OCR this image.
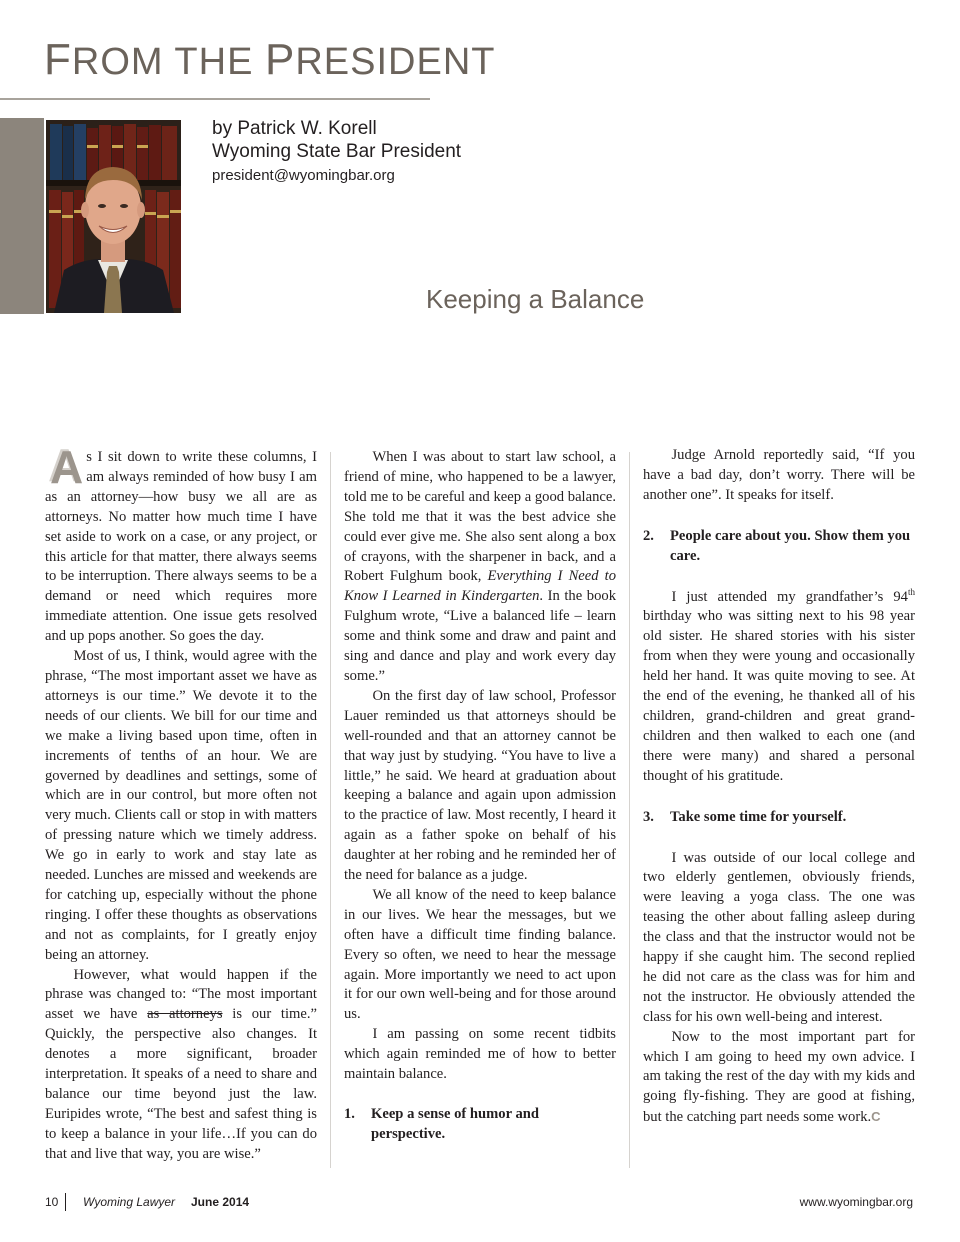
FROM THE PRESIDENT
by Patrick W. Korell
Wyoming State Bar President
president@wyomingbar.org
Keeping a Balance

As I sit down to write these columns, I am always reminded of how busy I am as an attorney—how busy we all are as attorneys. No matter how much time I have set aside to work on a case, or any project, or this article for that matter, there always seems to be interruption. There always seems to be a demand or need which requires more immediate attention. One issue gets resolved and up pops another. So goes the day.

Most of us, I think, would agree with the phrase, “The most important asset we have as attorneys is our time.” We devote it to the needs of our clients. We bill for our time and we make a living based upon time, often in increments of tenths of an hour. We are governed by deadlines and settings, some of which are in our control, but more often not very much. Clients call or stop in with matters of pressing nature which we timely address. We go in early to work and stay late as needed. Lunches are missed and weekends are for catching up, especially without the phone ringing. I offer these thoughts as observations and not as complaints, for I greatly enjoy being an attorney.

However, what would happen if the phrase was changed to: “The most important asset we have as attorneys is our time.” Quickly, the perspective also changes. It denotes a more significant, broader interpretation. It speaks of a need to share and balance our time beyond just the law. Euripides wrote, “The best and safest thing is to keep a balance in your life…If you can do that and live that way, you are wise.”

When I was about to start law school, a friend of mine, who happened to be a lawyer, told me to be careful and keep a good balance. She told me that it was the best advice she could ever give me. She also sent along a box of crayons, with the sharpener in back, and a Robert Fulghum book, Everything I Need to Know I Learned in Kindergarten. In the book Fulghum wrote, “Live a balanced life – learn some and think some and draw and paint and sing and dance and play and work every day some.”

On the first day of law school, Professor Lauer reminded us that attorneys should be well-rounded and that an attorney cannot be that way just by studying. “You have to live a little,” he said. We heard at graduation about keeping a balance and again upon admission to the practice of law. Most recently, I heard it again as a father spoke on behalf of his daughter at her robing and he reminded her of the need for balance as a judge.

We all know of the need to keep balance in our lives. We hear the messages, but we often have a difficult time finding balance. Every so often, we need to hear the message again. More importantly we need to act upon it for our own well-being and for those around us.

I am passing on some recent tidbits which again reminded me of how to better maintain balance.

1.	Keep a sense of humor and perspective.

Judge Arnold reportedly said, “If you have a bad day, don’t worry. There will be another one”. It speaks for itself.

2.	People care about you. Show them you care.

I just attended my grandfather’s 94th birthday who was sitting next to his 98 year old sister. He shared stories with his sister from when they were young and occasionally held her hand. It was quite moving to see. At the end of the evening, he thanked all of his children, grand-children and great grand-children and then walked to each one (and there were many) and shared a personal thought of his gratitude.

3.	Take some time for yourself.

I was outside of our local college and two elderly gentlemen, obviously friends, were leaving a yoga class. The one was teasing the other about falling asleep during the class and that the instructor would not be happy if she caught him. The second replied he did not care as the class was for him and not the instructor. He obviously attended the class for his own well-being and interest.

Now to the most important part for which I am going to heed my own advice. I am taking the rest of the day with my kids and going fly-fishing. They are good at fishing, but the catching part needs some work.C

10 Wyoming Lawyer June 2014	www.wyomingbar.org
